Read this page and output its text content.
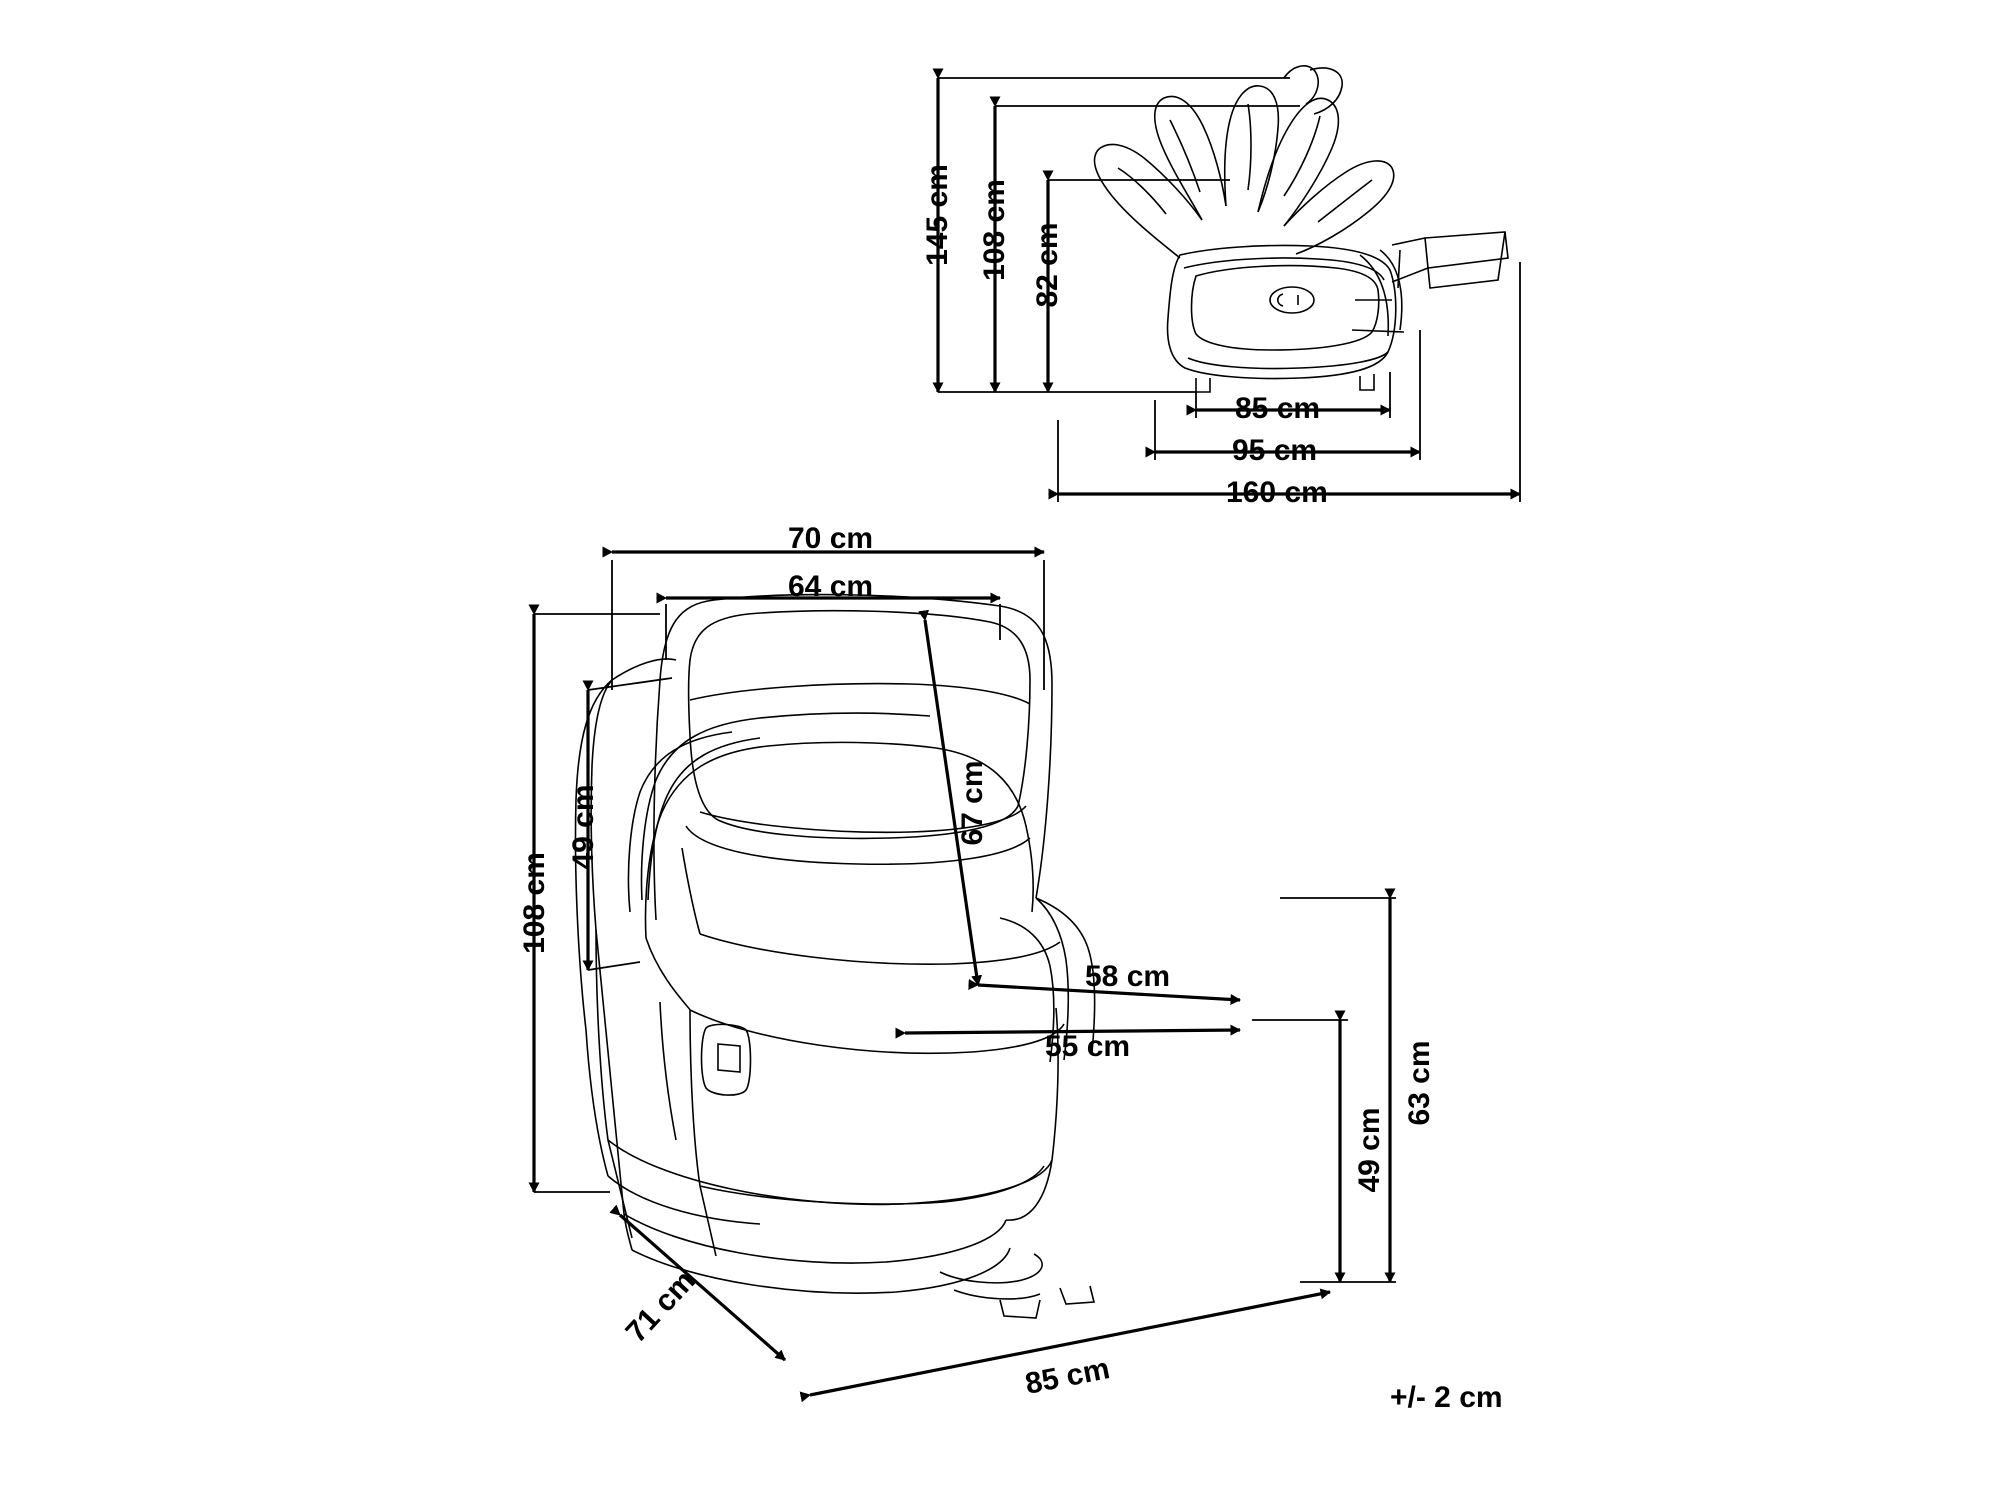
145 cm 108 cm 82 cm
85 cm
95 cm
160 cm
70 cm
64 cm
108 cm
49 cm	67 cm
58 cm
55 cm	63 cm
49 cm
71 cm
85 cm	+/- 2 cm
